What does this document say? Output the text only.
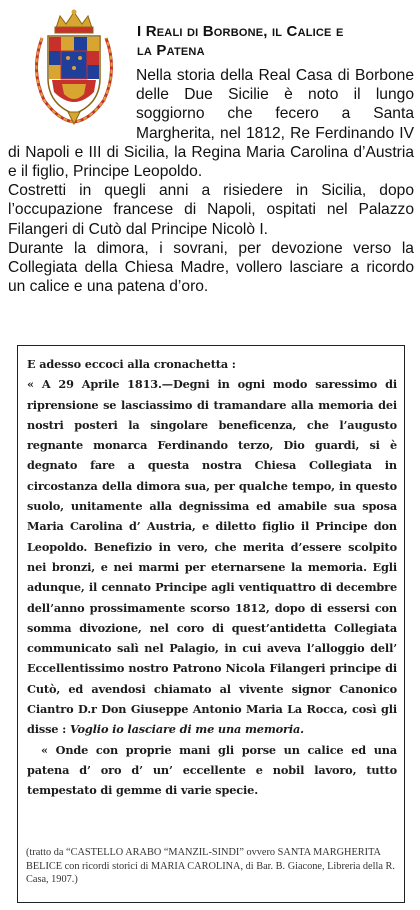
I Reali di Borbone, il Calice e
la Patena

Nella storia della Real Casa di Borbone delle Due Sicilie è noto il lungo soggiorno che fecero a Santa Margherita, nel 1812, Re Ferdinando IV di Napoli e III di Sicilia, la Regina Maria Carolina d’Austria e il figlio, Principe Leopoldo.

Costretti in quegli anni a risiedere in Sicilia, dopo l’occupazione francese di Napoli, ospitati nel Palazzo Filangeri di Cutò dal Principe Nicolò I.

Durante la dimora, i sovrani, per devozione verso la Collegiata della Chiesa Madre, vollero lasciare a ricordo un calice e una patena d’oro.

E adesso eccoci alla cronachetta :

« A 29 Aprile 1813.—Degni in ogni modo saressimo di riprensione se lasciassimo di tramandare alla memoria dei nostri posteri la singolare beneficenza, che l’augusto regnante monarca Ferdinando terzo, Dio guardi, si è degnato fare a questa nostra Chiesa Collegiata in circostanza della dimora sua, per qualche tempo, in questo suolo, unitamente alla degnissima ed amabile sua sposa Maria Carolina d’ Austria, e diletto figlio il Principe don Leopoldo. Benefizio in vero, che merita d’essere scolpito nei bronzi, e nei marmi per eternarsene la memoria. Egli adunque, il cennato Principe agli ventiquattro di decembre dell’anno prossimamente scorso 1812, dopo di essersi con somma divozione, nel coro di quest’antidetta Collegiata communicato salì nel Palagio, in cui aveva l’alloggio dell’ Eccellentissimo nostro Patrono Nicola Filangeri principe di Cutò, ed avendosi chiamato al vivente signor Canonico Ciantro D.r Don Giuseppe Antonio Maria La Rocca, così gli disse : Voglio io lasciare di me una memoria.

« Onde con proprie mani gli porse un calice ed una patena d’ oro d’ un’ eccellente e nobil lavoro, tutto tempestato di gemme di varie specie.

(tratto da “CASTELLO ARABO “MANZIL-SINDI” ovvero SANTA MARGHERITA BELICE con ricordi storici di MARIA CAROLINA, di Bar. B. Giacone, Libreria della R. Casa, 1907.)
